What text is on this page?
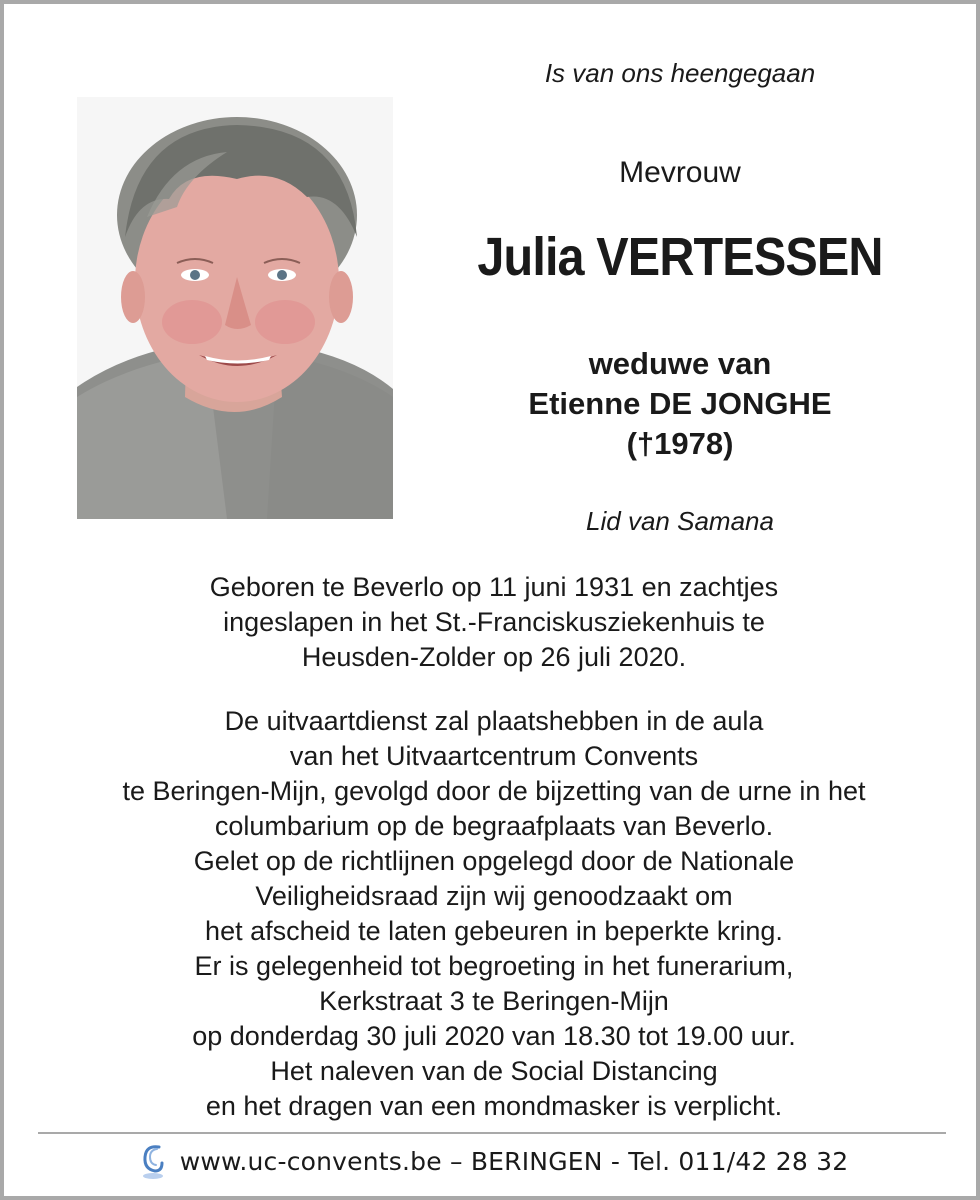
Is van ons heengegaan
Mevrouw
Julia VERTESSEN
weduwe van
Etienne DE JONGHE
(†1978)
Lid van Samana
Geboren te Beverlo op 11 juni 1931 en zachtjes
ingeslapen in het St.-Franciskusziekenhuis te
Heusden-Zolder op 26 juli 2020.
De uitvaartdienst zal plaatshebben in de aula
van het Uitvaartcentrum Convents
te Beringen-Mijn, gevolgd door de bijzetting van de urne in het
columbarium op de begraafplaats van Beverlo.
Gelet op de richtlijnen opgelegd door de Nationale
Veiligheidsraad zijn wij genoodzaakt om
het afscheid te laten gebeuren in beperkte kring.
Er is gelegenheid tot begroeting in het funerarium,
Kerkstraat 3 te Beringen-Mijn
op donderdag 30 juli 2020 van 18.30 tot 19.00 uur.
Het naleven van de Social Distancing
en het dragen van een mondmasker is verplicht.
www.uc-convents.be – BERINGEN - Tel. 011/42 28 32
